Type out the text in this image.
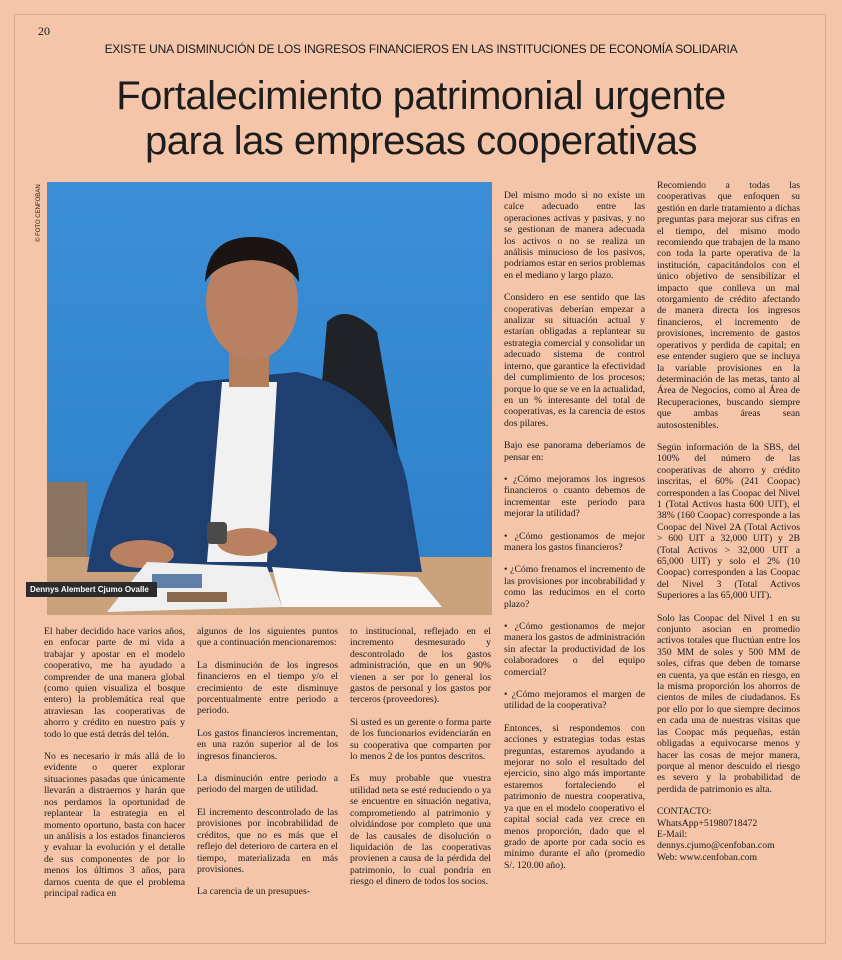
20
EXISTE UNA DISMINUCIÓN DE LOS INGRESOS FINANCIEROS EN LAS INSTITUCIONES DE ECONOMÍA SOLIDARIA
Fortalecimiento patrimonial urgente
para las empresas cooperativas
© FOTO CENFOBAN
Dennys Alembert Cjumo Ovalle

El haber decidido hace varios años, en enfocar parte de mi vida a trabajar y apostar en el modelo cooperativo, me ha ayudado a comprender de una manera global (como quien visualiza el bosque entero) la problemática real que atraviesan las cooperativas de ahorro y crédito en nuestro país y todo lo que está detrás del telón.

No es necesario ir más allá de lo evidente o querer explorar situaciones pasadas que únicamente llevarán a distraernos y harán que nos perdamos la oportunidad de replantear la estrategia en el momento oportuno, basta con hacer un análisis a los estados financieros y evaluar la evolución y el detalle de sus componentes de por lo menos los últimos 3 años, para darnos cuenta de que el problema principal radica en

algunos de los siguientes puntos que a continuación mencionaremos:

La disminución de los ingresos financieros en el tiempo y/o el crecimiento de este disminuye porcentualmente entre periodo a periodo.

Los gastos financieros incrementan, en una razón superior al de los ingresos financieros.

La disminución entre periodo a periodo del margen de utilidad.

El incremento descontrolado de las provisiones por incobrabilidad de créditos, que no es más que el reflejo del deterioro de cartera en el tiempo, materializada en más provisiones.

La carencia de un presupues-

to institucional, reflejado en el incremento desmesurado y descontrolado de los gastos administración, que en un 90% vienen a ser por lo general los gastos de personal y los gastos por terceros (proveedores).

Si usted es un gerente o forma parte de los funcionarios evidenciarán en su cooperativa que comparten por lo menos 2 de los puntos descritos.

Es muy probable que vuestra utilidad neta se esté reduciendo o ya se encuentre en situación negativa, comprometiendo al patrimonio y olvidándose por completo que una de las causales de disolución o liquidación de las cooperativas provienen a causa de la pérdida del patrimonio, lo cual pondría en riesgo el dinero de todos los socios.

Del mismo modo si no existe un calce adecuado entre las operaciones activas y pasivas, y no se gestionan de manera adecuada los activos o no se realiza un análisis minucioso de los pasivos, podríamos estar en serios problemas en el mediano y largo plazo.

Considero en ese sentido que las cooperativas deberían empezar a analizar su situación actual y estarían obligadas a replantear su estrategia comercial y consolidar un adecuado sistema de control interno, que garantice la efectividad del cumplimiento de los procesos; porque lo que se ve en la actualidad, en un % interesante del total de cooperativas, es la carencia de estos dos pilares.

Bajo ese panorama deberíamos de pensar en:

• ¿Cómo mejoramos los ingresos financieros o cuanto debemos de incrementar este periodo para mejorar la utilidad?

• ¿Cómo gestionamos de mejor manera los gastos financieros?

• ¿Cómo frenamos el incremento de las provisiones por incobrabilidad y como las reducimos en el corto plazo?

• ¿Cómo gestionamos de mejor manera los gastos de administración sin afectar la productividad de los colaboradores o del equipo comercial?

• ¿Cómo mejoramos el margen de utilidad de la cooperativa?

Entonces, si respondemos con acciones y estrategias todas estas preguntas, estaremos ayudando a mejorar no solo el resultado del ejercicio, sino algo más importante estaremos fortaleciendo el patrimonio de nuestra cooperativa, ya que en el modelo cooperativo el capital social cada vez crece en menos proporción, dado que el grado de aporte por cada socio es mínimo durante el año (promedio S/. 120.00 año).

Recomiendo a todas las cooperativas que enfoquen su gestión en darle tratamiento a dichas preguntas para mejorar sus cifras en el tiempo, del mismo modo recomiendo que trabajen de la mano con toda la parte operativa de la institución, capacitándolos con el único objetivo de sensibilizar el impacto que conlleva un mal otorgamiento de crédito afectando de manera directa los ingresos financieros, el incremento de provisiones, incremento de gastos operativos y perdida de capital; en ese entender sugiero que se incluya la variable provisiones en la determinación de las metas, tanto al Área de Negocios, como al Área de Recuperaciones, buscando siempre que ambas áreas sean autosostenibles.

Según información de la SBS, del 100% del número de las cooperativas de ahorro y crédito inscritas, el 60% (241 Coopac) corresponden a las Coopac del Nivel 1 (Total Activos hasta 600 UIT), el 38% (160 Coopac) corresponde a las Coopac del Nivel 2A (Total Activos > 600 UIT a 32,000 UIT) y 2B (Total Activos > 32,000 UIT a 65,000 UIT) y solo el 2% (10 Coopac) corresponden a las Coopac del Nivel 3 (Total Activos Superiores a las 65,000 UIT).

Solo las Coopac del Nivel 1 en su conjunto asocian en promedio activos totales que fluctúan entre los 350 MM de soles y 500 MM de soles, cifras que deben de tomarse en cuenta, ya que están en riesgo, en la misma proporción los ahorros de cientos de miles de ciudadanos. Es por ello por lo que siempre decimos en cada una de nuestras visitas que las Coopac más pequeñas, están obligadas a equivocarse menos y hacer las cosas de mejor manera, porque al menor descuido el riesgo es severo y la probabilidad de perdida de patrimonio es alta.

CONTACTO:
WhatsApp+51980718472
E-Mail:
dennys.cjumo@cenfoban.com
Web: www.cenfoban.com
